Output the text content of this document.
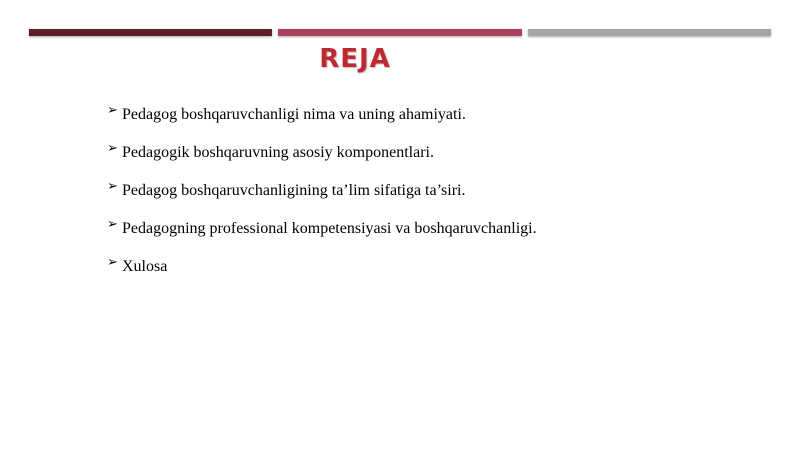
REJA
➢ Pedagog boshqaruvchanligi nima va uning ahamiyati.
➢ Pedagogik boshqaruvning asosiy komponentlari.
➢ Pedagog boshqaruvchanligining ta’lim sifatiga ta’siri.
➢ Pedagogning professional kompetensiyasi va boshqaruvchanligi.
➢ Xulosa
